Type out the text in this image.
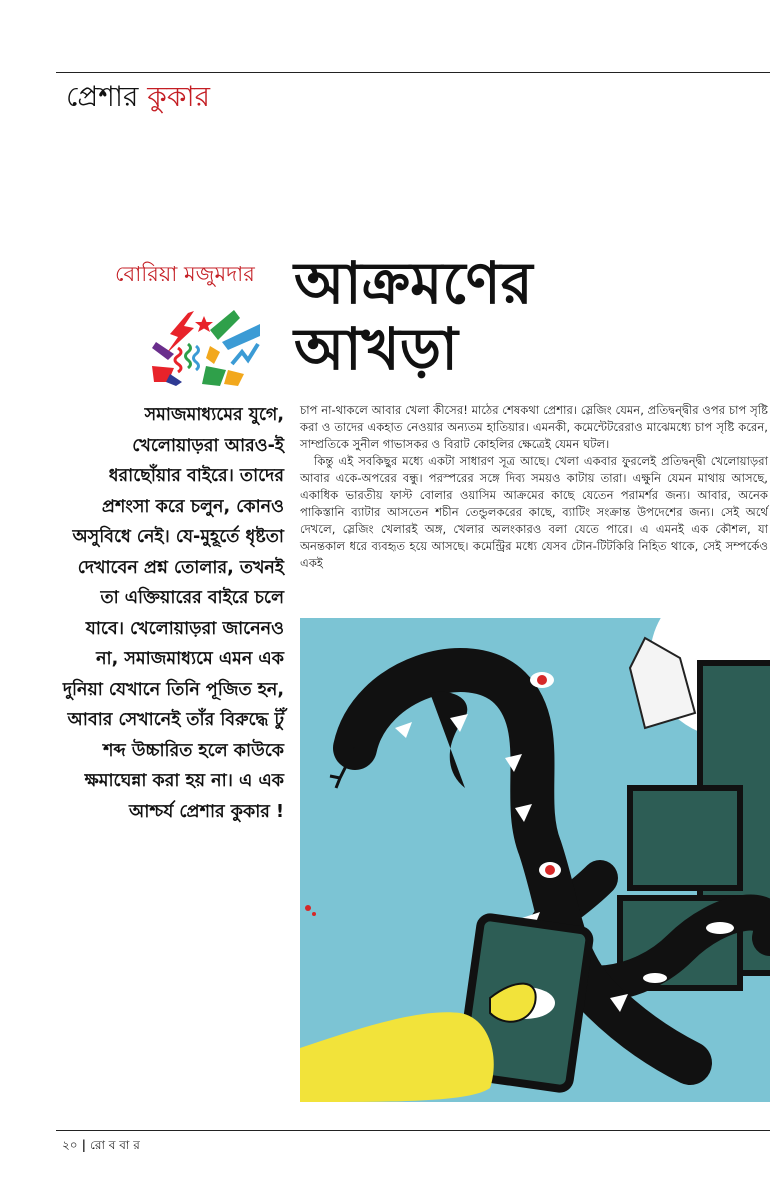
প্রেশার কুকার
বোরিয়া মজুমদার আক্রমণের
আখড়া
সমাজমাধ্যমের যুগে, খেলোয়াড়রা আরও-ই ধরাছোঁয়ার বাইরে। তাদের প্রশংসা করে চলুন, কোনও অসুবিধে নেই। যে-মুহূর্তে ধৃষ্টতা দেখাবেন প্রশ্ন তোলার, তখনই তা এক্তিয়ারের বাইরে চলে যাবে। খেলোয়াড়রা জানেনও না, সমাজমাধ্যমে এমন এক দুনিয়া যেখানে তিনি পূজিত হন, আবার সেখানেই তাঁর বিরুদ্ধে টুঁ শব্দ উচ্চারিত হলে কাউকে ক্ষমাঘেন্না করা হয় না। এ এক আশ্চর্য প্রেশার কুকার !

চাপ না-থাকলে আবার খেলা কীসের! মাঠের শেষকথা প্রেশার। স্লেজিং যেমন, প্রতিদ্বন্দ্বীর ওপর চাপ সৃষ্টি করা ও তাদের একহাত নেওয়ার অন্যতম হাতিয়ার। এমনকী, কমেন্টেটরেরাও মাঝেমধ্যে চাপ সৃষ্টি করেন, সাম্প্রতিকে সুনীল গাভাসকর ও বিরাট কোহলির ক্ষেত্রেই যেমন ঘটল।

কিন্তু এই সবকিছুর মধ্যে একটা সাধারণ সূত্র আছে। খেলা একবার ফুরলেই প্রতিদ্বন্দ্বী খেলোয়াড়রা আবার একে-অপরের বন্ধু। পরস্পরের সঙ্গে দিব্য সময়ও কাটায় তারা। এক্ষুনি যেমন মাথায় আসছে, একাধিক ভারতীয় ফাস্ট বোলার ওয়াসিম আক্রমের কাছে যেতেন পরামর্শর জন্য। আবার, অনেক পাকিস্তানি ব্যাটার আসতেন শচীন তেন্ডুলকরের কাছে, ব্যাটিং সংক্রান্ত উপদেশের জন্য। সেই অর্থে দেখলে, স্লেজিং খেলারই অঙ্গ, খেলার অলংকারও বলা যেতে পারে। এ এমনই এক কৌশল, যা অনন্তকাল ধরে ব্যবহৃত হয়ে আসছে। কমেন্ট্রির মধ্যে যেসব টোন-টিটকিরি নিহিত থাকে, সেই সম্পর্কেও একই

২০ | রো ব বা র
